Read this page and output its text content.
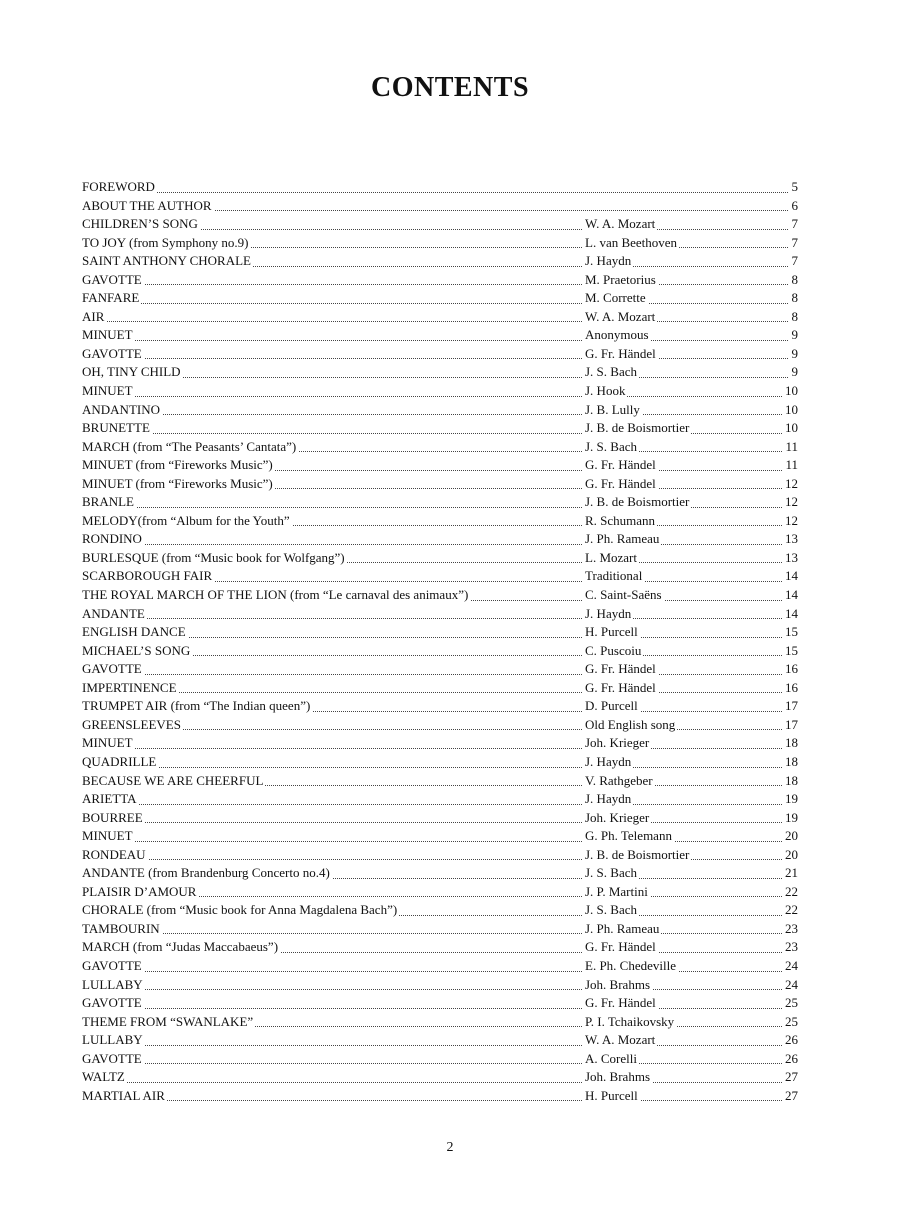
CONTENTS
FOREWORD	5
ABOUT THE AUTHOR	6
CHILDREN’S SONG	W. A. Mozart	7
TO JOY (from Symphony no.9)	L. van Beethoven	7
SAINT ANTHONY CHORALE	J. Haydn	7
GAVOTTE	M. Praetorius	8
FANFARE	M. Corrette	8
AIR	W. A. Mozart	8
MINUET	Anonymous	9
GAVOTTE	G. Fr. Händel	9
OH, TINY CHILD	J. S. Bach	9
MINUET	J. Hook	10
ANDANTINO	J. B. Lully	10
BRUNETTE	J. B. de Boismortier	10
MARCH (from “The Peasants’ Cantata”)	J. S. Bach	11
MINUET (from “Fireworks Music”)	G. Fr. Händel	11
MINUET (from “Fireworks Music”)	G. Fr. Händel	12
BRANLE	J. B. de Boismortier	12
MELODY(from “Album for the Youth”	R. Schumann	12
RONDINO	J. Ph. Rameau	13
BURLESQUE (from “Music book for Wolfgang”)	L. Mozart	13
SCARBOROUGH FAIR	Traditional	14
THE ROYAL MARCH OF THE LION (from “Le carnaval des animaux”)	C. Saint-Saëns	14
ANDANTE	J. Haydn	14
ENGLISH DANCE	H. Purcell	15
MICHAEL’S SONG	C. Puscoiu	15
GAVOTTE	G. Fr. Händel	16
IMPERTINENCE	G. Fr. Händel	16
TRUMPET AIR (from “The Indian queen”)	D. Purcell	17
GREENSLEEVES	Old English song	17
MINUET	Joh. Krieger	18
QUADRILLE	J. Haydn	18
BECAUSE WE ARE CHEERFUL	V. Rathgeber	18
ARIETTA	J. Haydn	19
BOURREE	Joh. Krieger	19
MINUET	G. Ph. Telemann	20
RONDEAU	J. B. de Boismortier	20
ANDANTE (from Brandenburg Concerto no.4)	J. S. Bach	21
PLAISIR D’AMOUR	J. P. Martini	22
CHORALE (from “Music book for Anna Magdalena Bach”)	J. S. Bach	22
TAMBOURIN	J. Ph. Rameau	23
MARCH (from “Judas Maccabaeus”)	G. Fr. Händel	23
GAVOTTE	E. Ph. Chedeville	24
LULLABY	Joh. Brahms	24
GAVOTTE	G. Fr. Händel	25
THEME FROM “SWANLAKE”	P. I. Tchaikovsky	25
LULLABY	W. A. Mozart	26
GAVOTTE	A. Corelli	26
WALTZ	Joh. Brahms	27
MARTIAL AIR	H. Purcell	27
2
